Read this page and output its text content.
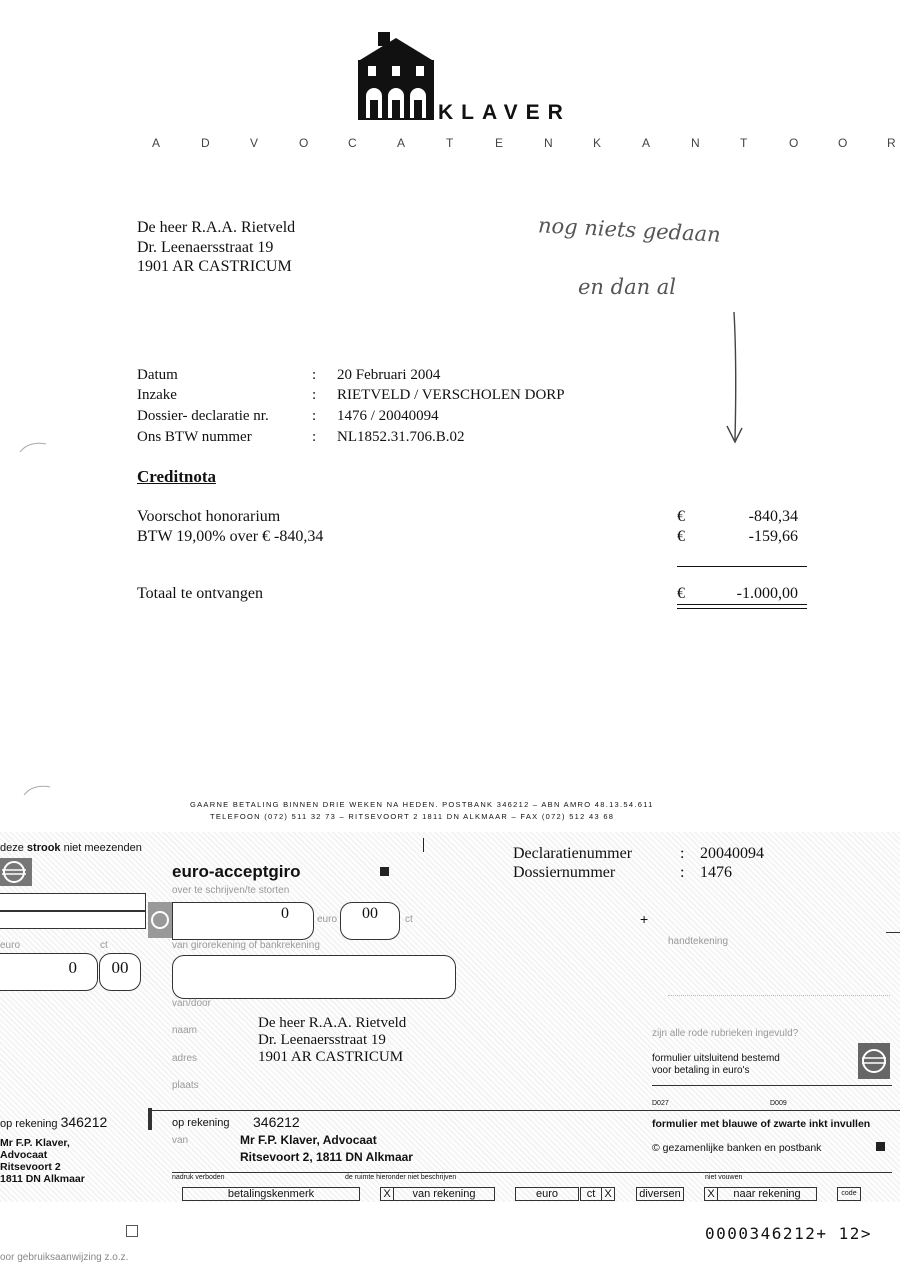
KLAVER
A	D	V	O	C	A	T	E	N	K	A	N	T	O	O	R
De heer R.A.A. Rietveld
Dr. Leenaersstraat 19
1901 AR CASTRICUM
nog niets gedaan
en dan al
Datum	: 20 Februari 2004
Inzake	: RIETVELD / VERSCHOLEN DORP
Dossier- declaratie nr.	: 1476 / 20040094
Ons BTW nummer	: NL1852.31.706.B.02
Creditnota
Voorschot honorarium	€	-840,34
BTW 19,00% over € -840,34	€	-159,66
Totaal te ontvangen	€	-1.000,00
GAARNE BETALING BINNEN DRIE WEKEN NA HEDEN. POSTBANK 346212 – ABN AMRO 48.13.54.611
TELEFOON (072) 511 32 73 – RITSEVOORT 2 1811 DN ALKMAAR – FAX (072) 512 43 68
deze strook niet meezenden
euro	ct
0	00
op rekening 346212
Mr F.P. Klaver,
Advocaat
Ritsevoort 2
1811 DN Alkmaar
euro-acceptgiro
over te schrijven/te storten
0	euro	00	ct
van girorekening of bankrekening
van/door
naam
adres
plaats
De heer R.A.A. Rietveld
Dr. Leenaersstraat 19
1901 AR CASTRICUM
Declaratienummer	: 20040094
Dossiernummer	: 1476
+
handtekening
zijn alle rode rubrieken ingevuld?
formulier uitsluitend bestemd
voor betaling in euro's
D027	D009
op rekening 346212
van	Mr F.P. Klaver, Advocaat
Ritsevoort 2, 1811 DN Alkmaar
formulier met blauwe of zwarte inkt invullen
© gezamenlijke banken en postbank
nadruk verboden	de ruimte hieronder niet beschrijven	niet vouwen
betalingskenmerk	X	van rekening	euro	ct X	diversen	X	naar rekening	code
0000346212+ 12>
oor gebruiksaanwijzing z.o.z.
